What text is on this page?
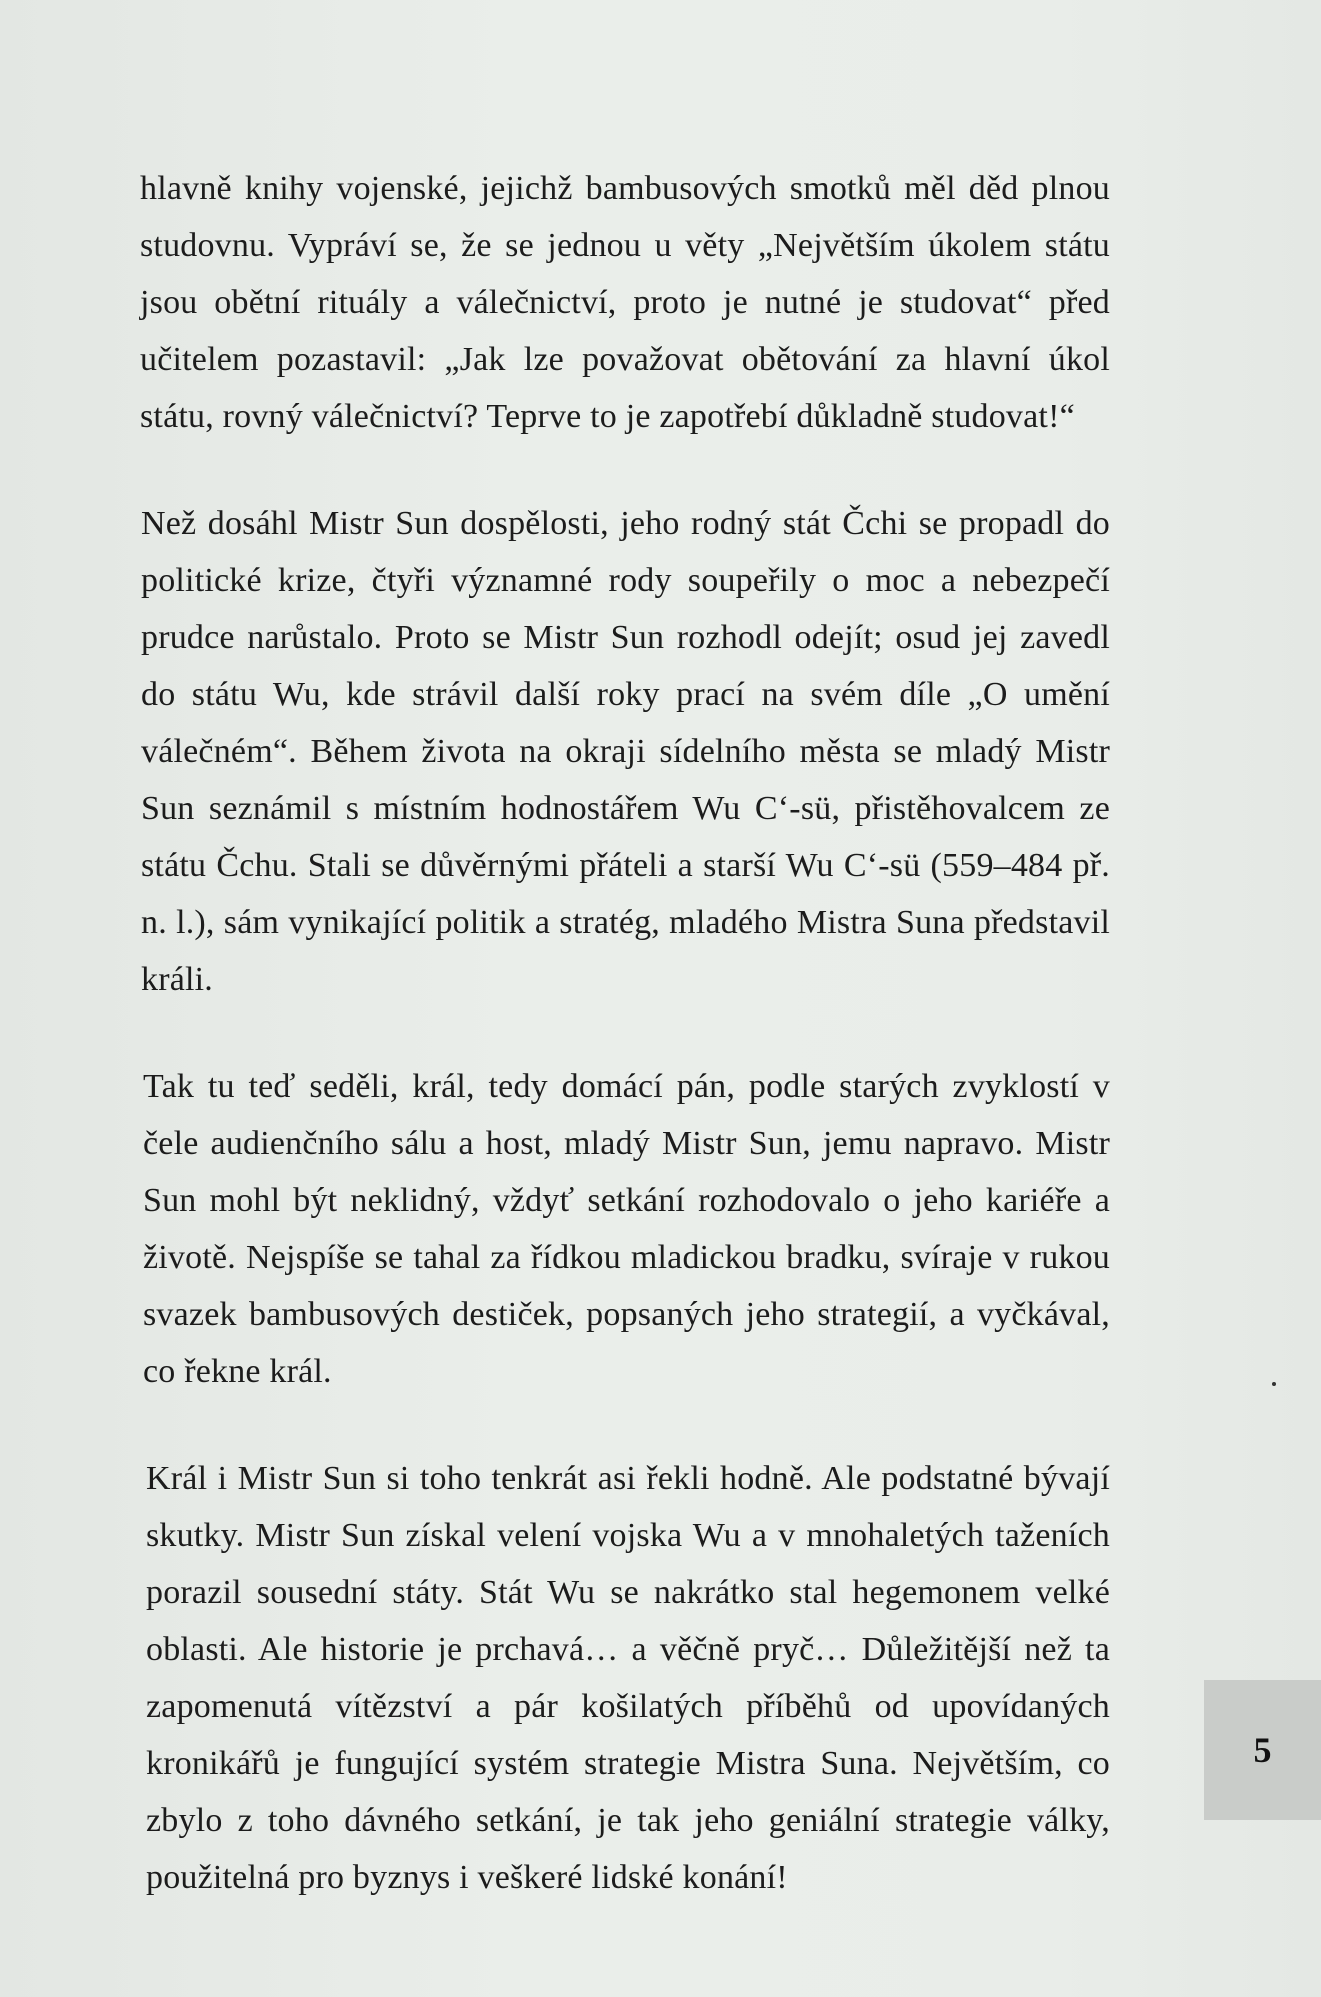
hlavně knihy vojenské, jejichž bambusových smotků měl děd plnou studovnu. Vypráví se, že se jednou u věty „Největším úkolem státu jsou obětní rituály a válečnictví, proto je nutné je studovat“ před učitelem pozastavil: „Jak lze považovat obětování za hlavní úkol státu, rovný válečnictví? Teprve to je zapotřebí důkladně studovat!“

Než dosáhl Mistr Sun dospělosti, jeho rodný stát Čchi se propadl do politické krize, čtyři významné rody soupeřily o moc a nebezpečí prudce narůstalo. Proto se Mistr Sun rozhodl odejít; osud jej zavedl do státu Wu, kde strávil další roky prací na svém díle „O umění válečném“. Během života na okraji sídelního města se mladý Mistr Sun seznámil s místním hodnostářem Wu C‘-sü, přistěhovalcem ze státu Čchu. Stali se důvěrnými přáteli a starší Wu C‘-sü (559–484 př. n. l.), sám vynikající politik a stratég, mladého Mistra Suna představil králi.

Tak tu teď seděli, král, tedy domácí pán, podle starých zvyklostí v čele audienčního sálu a host, mladý Mistr Sun, jemu napravo. Mistr Sun mohl být neklidný, vždyť setkání rozhodovalo o jeho kariéře a životě. Nejspíše se tahal za řídkou mladickou bradku, svíraje v rukou svazek bambusových destiček, popsaných jeho strategií, a vyčkával, co řekne král.

Král i Mistr Sun si toho tenkrát asi řekli hodně. Ale podstatné bývají skutky. Mistr Sun získal velení vojska Wu a v mnohaletých taženích porazil sousední státy. Stát Wu se nakrátko stal hegemonem velké oblasti. Ale historie je prchavá… a věčně pryč… Důležitější než ta zapomenutá vítězství a pár košilatých příběhů od upovídaných kronikářů je fungující systém strategie Mistra Suna. Největším, co zbylo z toho dávného setkání, je tak jeho geniální strategie války, použitelná pro byznys i veškeré lidské konání!

5
